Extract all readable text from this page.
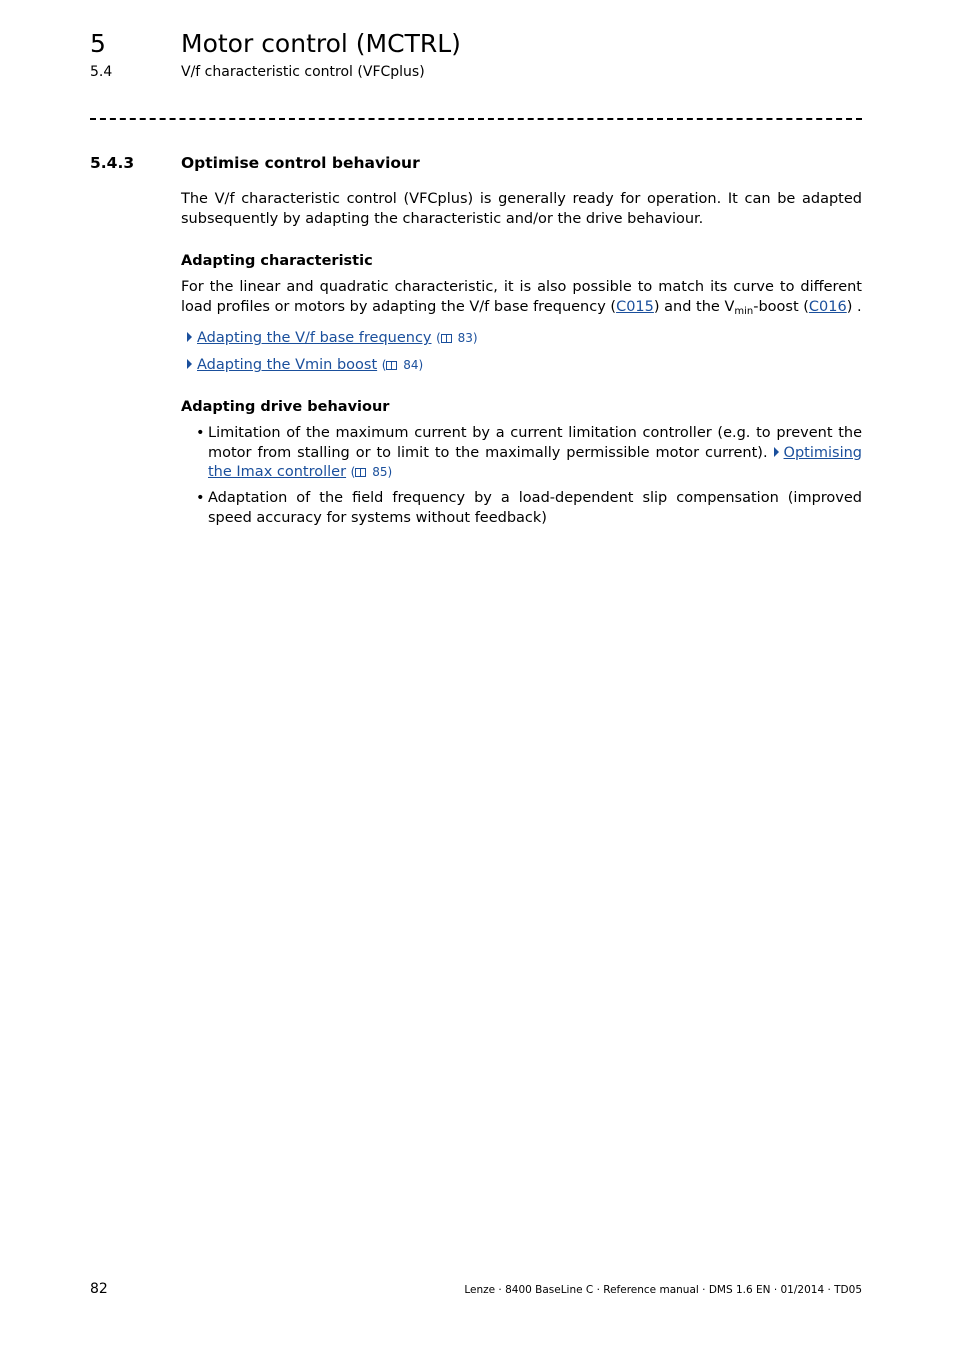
5	Motor control (MCTRL)
5.4	V/f characteristic control (VFCplus)
5.4.3	Optimise control behaviour
The V/f characteristic control (VFCplus) is generally ready for operation. It can be adapted subsequently by adapting the characteristic and/or the drive behaviour.
Adapting characteristic
For the linear and quadratic characteristic, it is also possible to match its curve to different load profiles or motors by adapting the V/f base frequency (C015) and the $V_{min}$-boost (C016) .
Adapting the V/f base frequency ( 83)
Adapting the Vmin boost ( 84)
Adapting drive behaviour
• Limitation of the maximum current by a current limitation controller (e.g. to prevent the motor from stalling or to limit to the maximally permissible motor current). Optimising the Imax controller ( 85)
• Adaptation of the field frequency by a load-dependent slip compensation (improved speed accuracy for systems without feedback)
82	Lenze · 8400 BaseLine C · Reference manual · DMS 1.6 EN · 01/2014 · TD05
